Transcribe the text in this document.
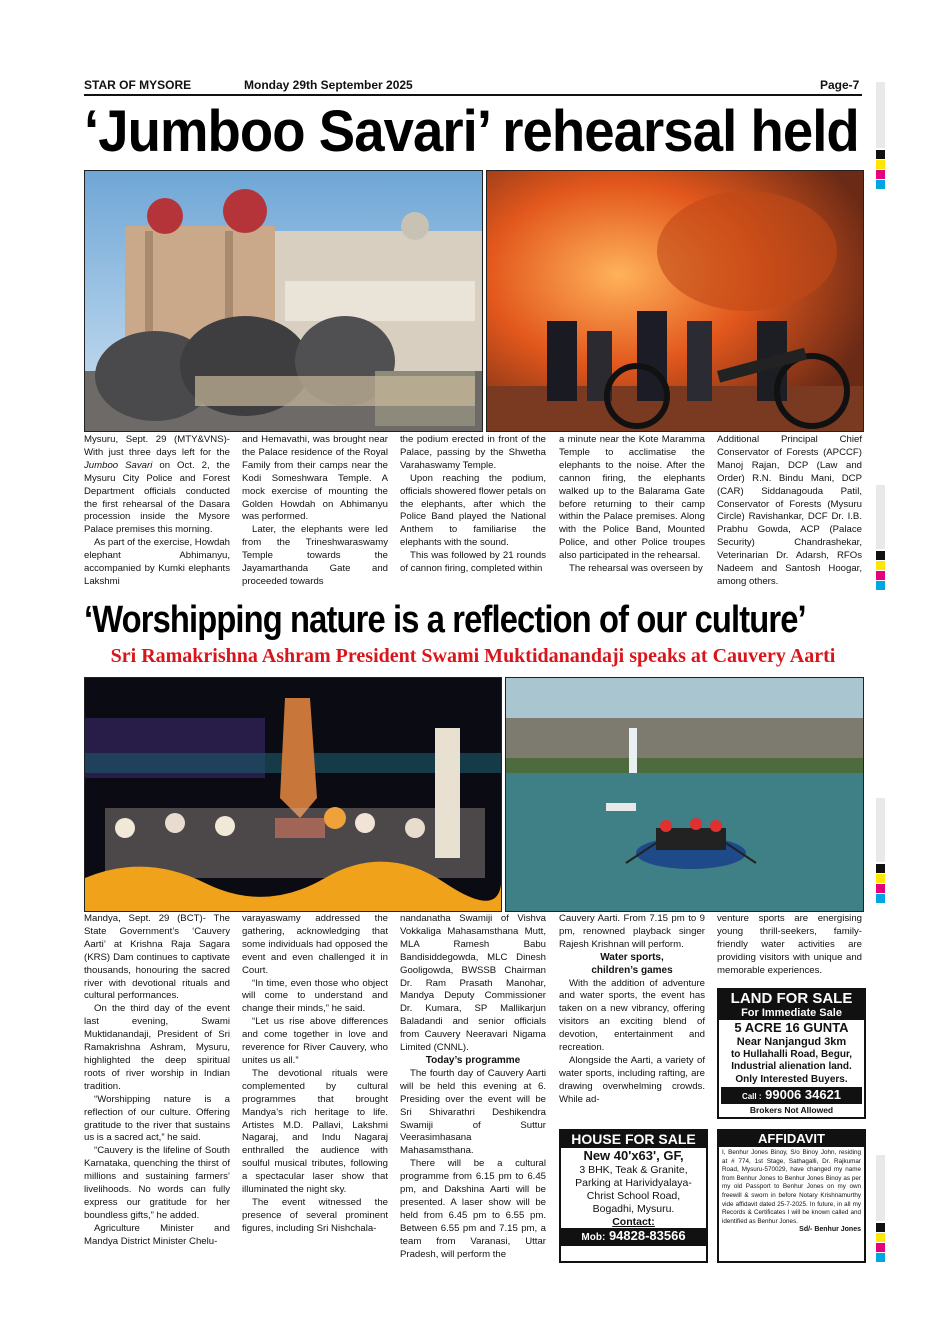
STAR OF MYSORE	Monday 29th September 2025	Page-7
‘Jumboo Savari’ rehearsal held

Mysuru, Sept. 29 (MTY&VNS)- With just three days left for the Jumboo Savari on Oct. 2, the Mysuru City Police and Forest Department officials conducted the first rehearsal of the Dasara procession inside the Mysore Palace premises this morning.

As part of the exercise, Howdah elephant Abhimanyu, accompanied by Kumki elephants Lakshmi

and Hemavathi, was brought near the Palace residence of the Royal Family from their camps near the Kodi Someshwara Temple. A mock exercise of mounting the Golden Howdah on Abhimanyu was performed.

Later, the elephants were led from the Trineshwaraswamy Temple towards the Jayamarthanda Gate and proceeded towards

the podium erected in front of the Palace, passing by the Shwetha Varahaswamy Temple.

Upon reaching the podium, officials showered flower petals on the elephants, after which the Police Band played the National Anthem to familiarise the elephants with the sound.

This was followed by 21 rounds of cannon firing, completed within

a minute near the Kote Maramma Temple to acclimatise the elephants to the noise. After the cannon firing, the elephants walked up to the Balarama Gate before returning to their camp within the Palace premises. Along with the Police Band, Mounted Police, and other Police troupes also participated in the rehearsal.

The rehearsal was overseen by

Additional Principal Chief Conservator of Forests (APCCF) Manoj Rajan, DCP (Law and Order) R.N. Bindu Mani, DCP (CAR) Siddanagouda Patil, Conservator of Forests (Mysuru Circle) Ravishankar, DCF Dr. I.B. Prabhu Gowda, ACP (Palace Security) Chandrashekar, Veterinarian Dr. Adarsh, RFOs Nadeem and Santosh Hoogar, among others.

‘Worshipping nature is a reflection of our culture’
Sri Ramakrishna Ashram President Swami Muktidanandaji speaks at Cauvery Aarti

Mandya, Sept. 29 (BCT)- The State Government’s ‘Cauvery Aarti’ at Krishna Raja Sagara (KRS) Dam continues to captivate thousands, honouring the sacred river with devotional rituals and cultural performances.

On the third day of the event last evening, Swami Muktidanandaji, President of Sri Ramakrishna Ashram, Mysuru, highlighted the deep spiritual roots of river worship in Indian tradition.

“Worshipping nature is a reflection of our culture. Offering gratitude to the river that sustains us is a sacred act,” he said.

“Cauvery is the lifeline of South Karnataka, quenching the thirst of millions and sustaining farmers’ livelihoods. No words can fully express our gratitude for her boundless gifts,” he added.

Agriculture Minister and Mandya District Minister Chelu-

varayaswamy addressed the gathering, acknowledging that some individuals had opposed the event and even challenged it in Court.

“In time, even those who object will come to understand and change their minds,” he said.

“Let us rise above differences and come together in love and reverence for River Cauvery, who unites us all.”

The devotional rituals were complemented by cultural programmes that brought Mandya’s rich heritage to life. Artistes M.D. Pallavi, Lakshmi Nagaraj, and Indu Nagaraj enthralled the audience with soulful musical tributes, following a spectacular laser show that illuminated the night sky.

The event witnessed the presence of several prominent figures, including Sri Nishchala-

nandanatha Swamiji of Vishva Vokkaliga Mahasamsthana Mutt, MLA Ramesh Babu Bandisiddegowda, MLC Dinesh Gooligowda, BWSSB Chairman Dr. Ram Prasath Manohar, Mandya Deputy Commissioner Dr. Kumara, SP Mallikarjun Baladandi and senior officials from Cauvery Neeravari Nigama Limited (CNNL).

Today’s programme

The fourth day of Cauvery Aarti will be held this evening at 6. Presiding over the event will be Sri Shivarathri Deshikendra Swamiji of Suttur Veerasimhasana Mahasamsthana.

There will be a cultural programme from 6.15 pm to 6.45 pm, and Dakshina Aarti will be presented. A laser show will be held from 6.45 pm to 6.55 pm. Between 6.55 pm and 7.15 pm, a team from Varanasi, Uttar Pradesh, will perform the

Cauvery Aarti. From 7.15 pm to 9 pm, renowned playback singer Rajesh Krishnan will perform.

Water sports,

children’s games

With the addition of adventure and water sports, the event has taken on a new vibrancy, offering visitors an exciting blend of devotion, entertainment and recreation.

Alongside the Aarti, a variety of water sports, including rafting, are drawing overwhelming crowds. While ad-

venture sports are energising young thrill-seekers, family-friendly water activities are providing visitors with unique and memorable experiences.

LAND FOR SALE
For Immediate Sale
5 ACRE 16 GUNTA
Near Nanjangud 3km
to Hullahalli Road, Begur,
Industrial alienation land.
Only Interested Buyers.
Call : 99006 34621
Brokers Not Allowed
HOUSE FOR SALE
New 40'x63', GF,
3 BHK, Teak & Granite,
Parking at Harividyalaya-
Christ School Road,
Bogadhi, Mysuru.
Contact:
Mob: 94828-83566
AFFIDAVIT
I, Benhur Jones Binoy, S/o Binoy John, residing at # 774, 1st Stage, Sathagalli, Dr. Rajkumar Road, Mysuru-570029, have changed my name from Benhur Jones to Benhur Jones Binoy as per my old Passport to Benhur Jones on my own freewill & sworn in before Notary Krishnamurthy vide affidavit dated 25-7-2025. In future, in all my Records & Certificates I will be known called and identified as Benhur Jones.
Sd/- Benhur Jones
